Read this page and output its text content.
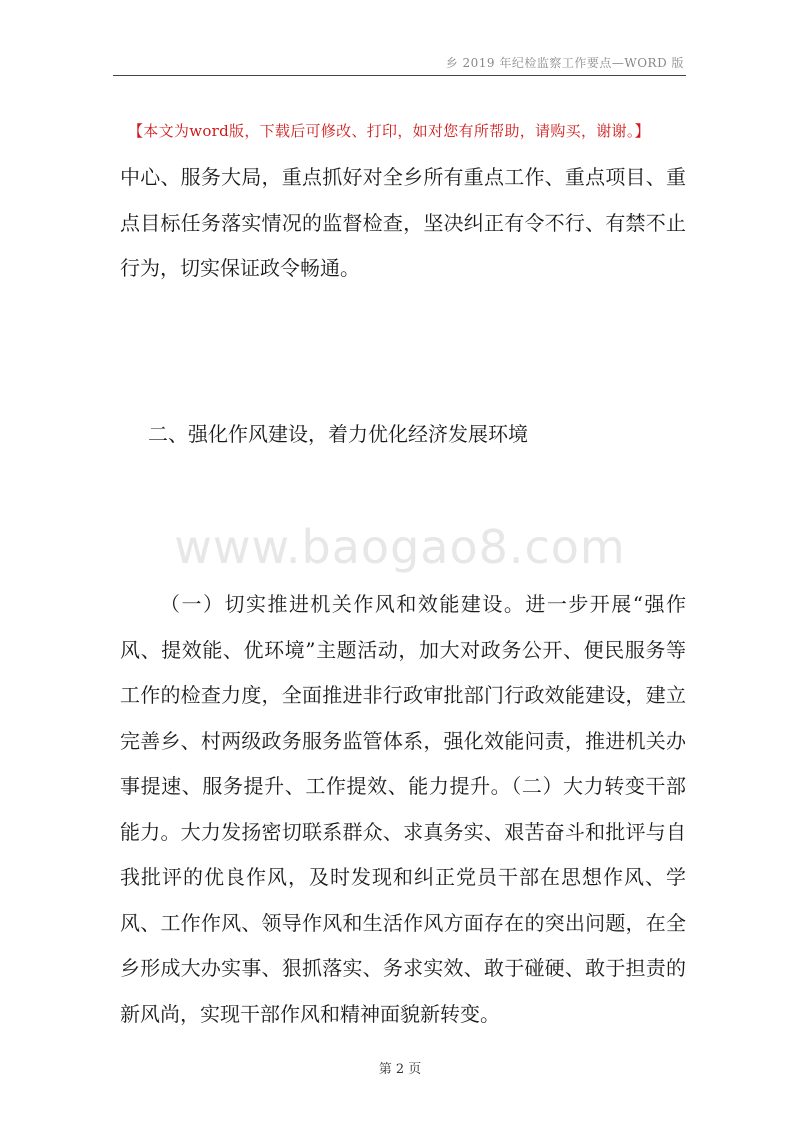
乡 2019 年纪检监察工作要点—WORD 版
【本文为word版，下载后可修改、打印，如对您有所帮助，请购买，谢谢。】

中心、服务大局，重点抓好对全乡所有重点工作、重点项目、重点目标任务落实情况的监督检查，坚决纠正有令不行、有禁不止行为，切实保证政令畅通。

二、强化作风建设，着力优化经济发展环境
www.baogao8.com

（一）切实推进机关作风和效能建设。进一步开展“强作风、提效能、优环境”主题活动，加大对政务公开、便民服务等工作的检查力度，全面推进非行政审批部门行政效能建设，建立完善乡、村两级政务服务监管体系，强化效能问责，推进机关办事提速、服务提升、工作提效、能力提升。（二）大力转变干部能力。大力发扬密切联系群众、求真务实、艰苦奋斗和批评与自我批评的优良作风，及时发现和纠正党员干部在思想作风、学风、工作作风、领导作风和生活作风方面存在的突出问题，在全乡形成大办实事、狠抓落实、务求实效、敢于碰硬、敢于担责的新风尚，实现干部作风和精神面貌新转变。

第 2 页
